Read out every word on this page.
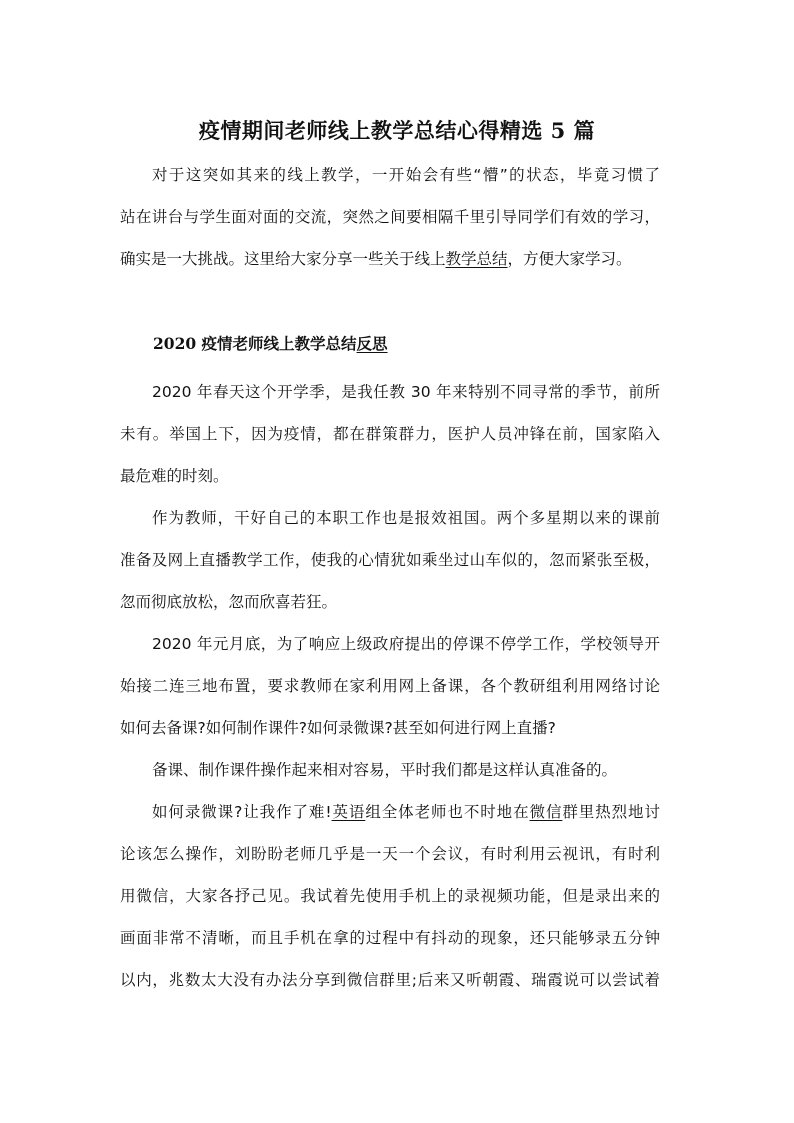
疫情期间老师线上教学总结心得精选 5 篇
对于这突如其来的线上教学，一开始会有些“懵”的状态，毕竟习惯了
站在讲台与学生面对面的交流，突然之间要相隔千里引导同学们有效的学习，
确实是一大挑战。这里给大家分享一些关于线上教学总结，方便大家学习。
2020 疫情老师线上教学总结反思
2020 年春天这个开学季，是我任教 30 年来特别不同寻常的季节，前所
未有。举国上下，因为疫情，都在群策群力，医护人员冲锋在前，国家陷入
最危难的时刻。
作为教师，干好自己的本职工作也是报效祖国。两个多星期以来的课前
准备及网上直播教学工作，使我的心情犹如乘坐过山车似的，忽而紧张至极，
忽而彻底放松，忽而欣喜若狂。
2020 年元月底，为了响应上级政府提出的停课不停学工作，学校领导开
始接二连三地布置，要求教师在家利用网上备课，各个教研组利用网络讨论
如何去备课?如何制作课件?如何录微课?甚至如何进行网上直播?
备课、制作课件操作起来相对容易，平时我们都是这样认真准备的。
如何录微课?让我作了难!英语组全体老师也不时地在微信群里热烈地讨
论该怎么操作，刘盼盼老师几乎是一天一个会议，有时利用云视讯，有时利
用微信，大家各抒己见。我试着先使用手机上的录视频功能，但是录出来的
画面非常不清晰，而且手机在拿的过程中有抖动的现象，还只能够录五分钟
以内，兆数太大没有办法分享到微信群里;后来又听朝霞、瑞霞说可以尝试着
